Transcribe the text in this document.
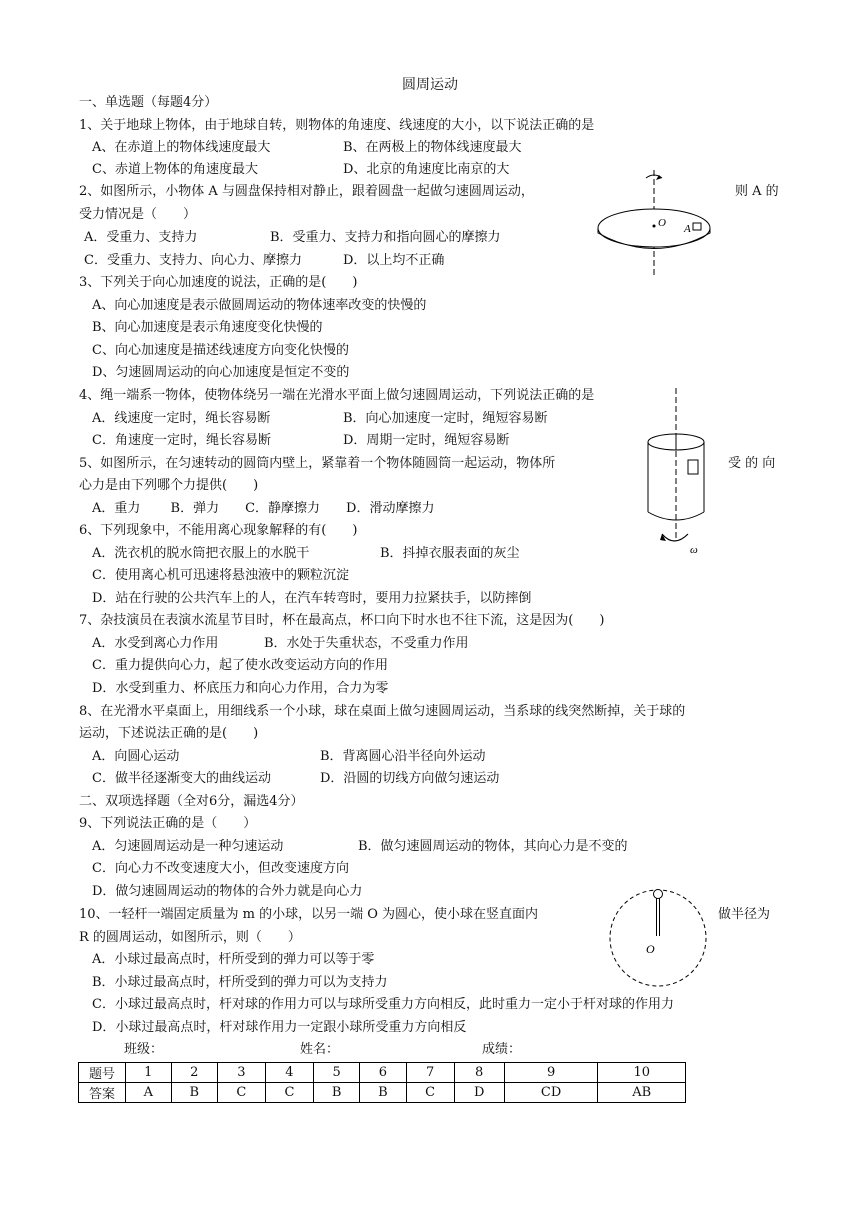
圆周运动
一、单选题（每题4分）
1、关于地球上物体，由于地球自转，则物体的角速度、线速度的大小，以下说法正确的是
A、在赤道上的物体线速度最大	B、在两极上的物体线速度最大
C、赤道上物体的角速度最大	D、北京的角速度比南京的大
2、如图所示，小物体 A 与圆盘保持相对静止，跟着圆盘一起做匀速圆周运动，	则 A 的
受力情况是（　　）
A．受重力、支持力	B．受重力、支持力和指向圆心的摩擦力
C．受重力、支持力、向心力、摩擦力	D．以上均不正确
O A
3、下列关于向心加速度的说法，正确的是(　　)
A、向心加速度是表示做圆周运动的物体速率改变的快慢的
B、向心加速度是表示角速度变化快慢的
C、向心加速度是描述线速度方向变化快慢的
D、匀速圆周运动的向心加速度是恒定不变的
4、绳一端系一物体，使物体绕另一端在光滑水平面上做匀速圆周运动，下列说法正确的是
A．线速度一定时，绳长容易断	B．向心加速度一定时，绳短容易断
C．角速度一定时，绳长容易断	D．周期一定时，绳短容易断
5、如图所示，在匀速转动的圆筒内壁上，紧靠着一个物体随圆筒一起运动，物体所	受 的 向
心力是由下列哪个力提供(　　)
A．重力　　 B．弹力　　C．静摩擦力　　D．滑动摩擦力
ω
6、下列现象中，不能用离心现象解释的有(　　)
A．洗衣机的脱水筒把衣服上的水脱干	B．抖掉衣服表面的灰尘
C．使用离心机可迅速将悬浊液中的颗粒沉淀
D．站在行驶的公共汽车上的人，在汽车转弯时，要用力拉紧扶手，以防摔倒
7、杂技演员在表演水流星节目时，杯在最高点，杯口向下时水也不往下流，这是因为(　　)
A．水受到离心力作用	B．水处于失重状态，不受重力作用
C．重力提供向心力，起了使水改变运动方向的作用
D．水受到重力、杯底压力和向心力作用，合力为零
8、在光滑水平桌面上，用细线系一个小球，球在桌面上做匀速圆周运动，当系球的线突然断掉，关于球的
运动，下述说法正确的是(　　)
A．向圆心运动	B．背离圆心沿半径向外运动
C．做半径逐渐变大的曲线运动	D．沿圆的切线方向做匀速运动
二、双项选择题（全对6分，漏选4分）
9、下列说法正确的是（　　）
A．匀速圆周运动是一种匀速运动	B．做匀速圆周运动的物体，其向心力是不变的
C．向心力不改变速度大小，但改变速度方向
D．做匀速圆周运动的物体的合外力就是向心力
10、一轻杆一端固定质量为 m 的小球，以另一端 O 为圆心，使小球在竖直面内	做半径为
R 的圆周运动，如图所示，则（　　）
A．小球过最高点时，杆所受到的弹力可以等于零
B．小球过最高点时，杆所受到的弹力可以为支持力
C．小球过最高点时，杆对球的作用力可以与球所受重力方向相反，此时重力一定小于杆对球的作用力
D．小球过最高点时，杆对球作用力一定跟小球所受重力方向相反
O
班级：	姓名：	成绩：
题号	1	2	3	4	5	6	7	8	9	10
答案	A	B	C	C	B	B	C	D	CD	AB
